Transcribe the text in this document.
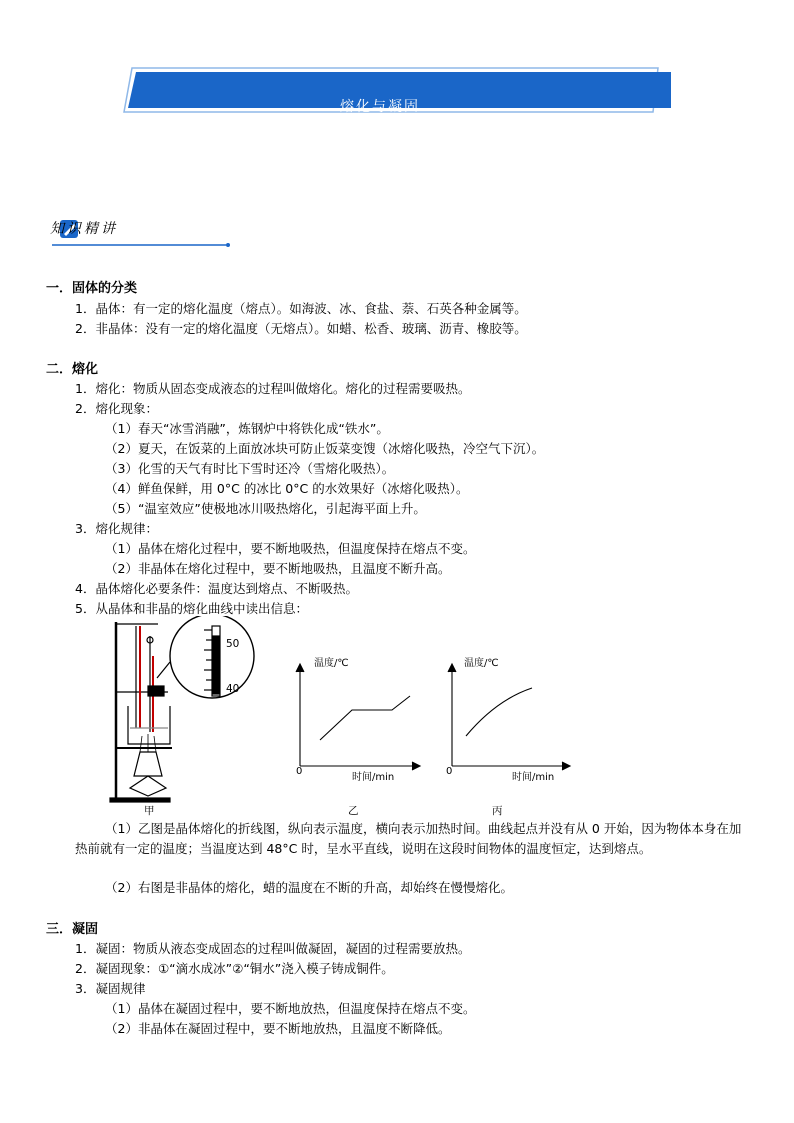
熔化与凝固
知识精讲
一．固体的分类
1．晶体：有一定的熔化温度（熔点）。如海波、冰、食盐、萘、石英各种金属等。
2．非晶体：没有一定的熔化温度（无熔点）。如蜡、松香、玻璃、沥青、橡胶等。
二．熔化
1．熔化：物质从固态变成液态的过程叫做熔化。熔化的过程需要吸热。
2．熔化现象：
（1）春天“冰雪消融”，炼钢炉中将铁化成“铁水”。
（2）夏天，在饭菜的上面放冰块可防止饭菜变馊（冰熔化吸热，冷空气下沉）。
（3）化雪的天气有时比下雪时还冷（雪熔化吸热）。
（4）鲜鱼保鲜，用 0°C 的冰比 0°C 的水效果好（冰熔化吸热）。
（5）“温室效应”使极地冰川吸热熔化，引起海平面上升。
3．熔化规律：
（1）晶体在熔化过程中，要不断地吸热，但温度保持在熔点不变。
（2）非晶体在熔化过程中，要不断地吸热，且温度不断升高。
4．晶体熔化必要条件：温度达到熔点、不断吸热。
5．从晶体和非晶的熔化曲线中读出信息：
50
40
甲
温度/℃
0
时间/min
乙
温度/℃
0
时间/min
丙
（1）乙图是晶体熔化的折线图，纵向表示温度，横向表示加热时间。曲线起点并没有从 0 开始，因为物体本身在加热前就有一定的温度；当温度达到 48°C 时，呈水平直线，说明在这段时间物体的温度恒定，达到熔点。
（2）右图是非晶体的熔化，蜡的温度在不断的升高，却始终在慢慢熔化。
三．凝固
1．凝固：物质从液态变成固态的过程叫做凝固，凝固的过程需要放热。
2．凝固现象：①“滴水成冰”②“铜水”浇入模子铸成铜件。
3．凝固规律
（1）晶体在凝固过程中，要不断地放热，但温度保持在熔点不变。
（2）非晶体在凝固过程中，要不断地放热，且温度不断降低。
